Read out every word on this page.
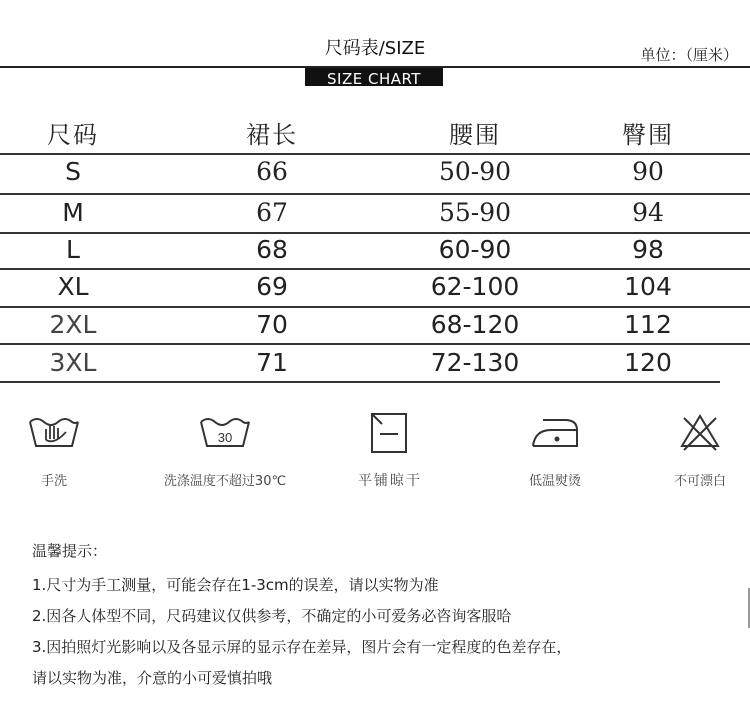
尺码表/SIZE	单位：（厘米）
SIZE CHART
尺码	裙长	腰围	臀围
S	66	50-90	90
M	67	55-90	94
L	68	60-90	98
XL	69	62-100	104
2XL	70	68-120	112
3XL	71	72-130	120
手洗
30
洗涤温度不超过30℃	平铺晾干	低温熨烫	不可漂白
温馨提示：
1.尺寸为手工测量，可能会存在1-3cm的误差，请以实物为准
2.因各人体型不同，尺码建议仅供参考，不确定的小可爱务必咨询客服哈
3.因拍照灯光影响以及各显示屏的显示存在差异，图片会有一定程度的色差存在，
请以实物为准，介意的小可爱慎拍哦
